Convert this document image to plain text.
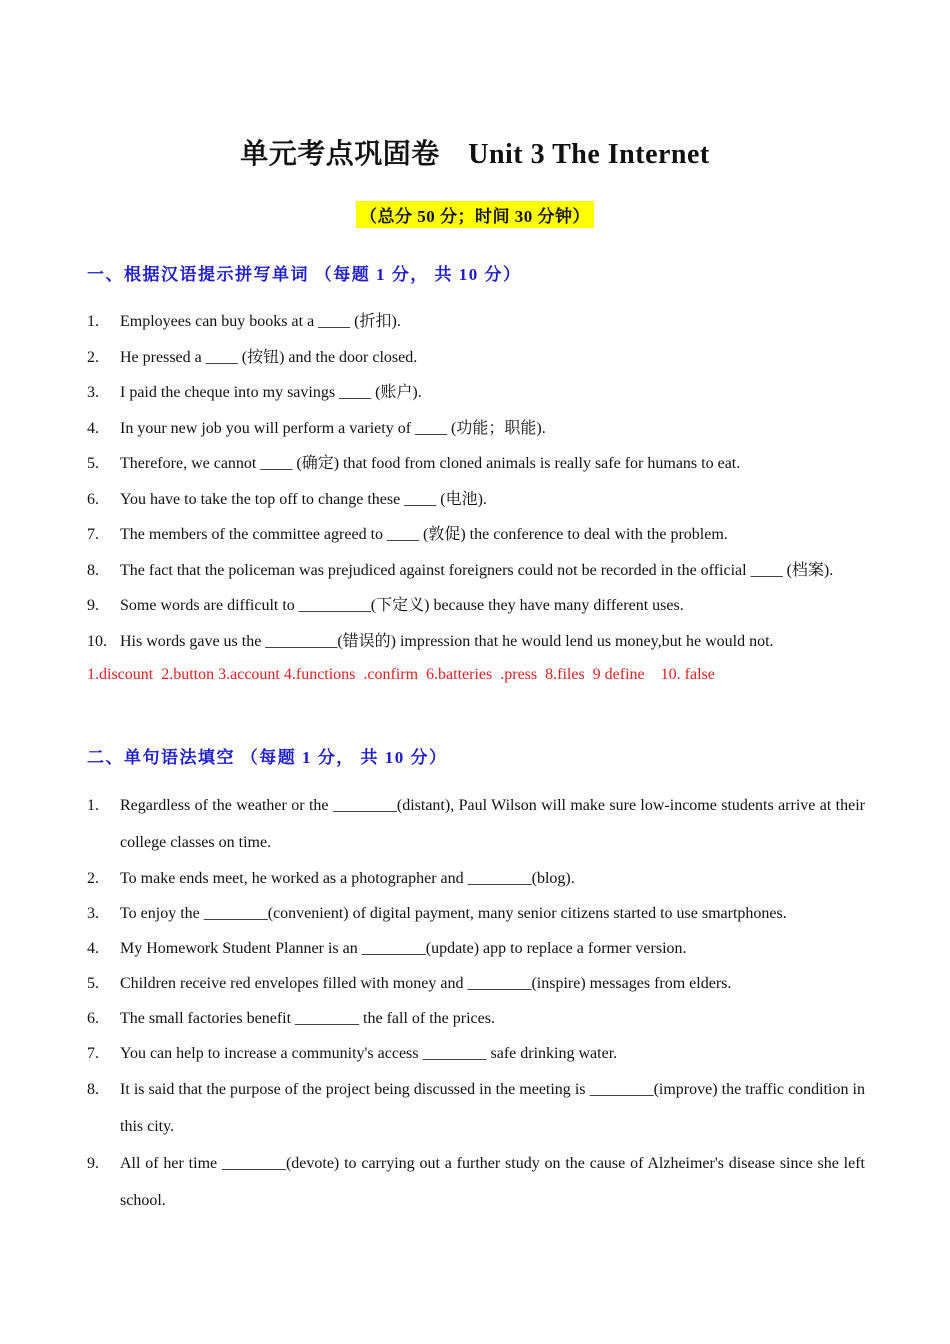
单元考点巩固卷　Unit 3 The Internet
（总分 50 分；时间 30 分钟）
一、根据汉语提示拼写单词 （每题 1 分， 共 10 分）
1. Employees can buy books at a ____ (折扣).
2. He pressed a ____ (按钮) and the door closed.
3. I paid the cheque into my savings ____ (账户).
4. In your new job you will perform a variety of ____ (功能；职能).
5. Therefore, we cannot ____ (确定) that food from cloned animals is really safe for humans to eat.
6. You have to take the top off to change these ____ (电池).
7. The members of the committee agreed to ____ (敦促) the conference to deal with the problem.
8. The fact that the policeman was prejudiced against foreigners could not be recorded in the official ____ (档案).
9. Some words are difficult to _________(下定义) because they have many different uses.
10. His words gave us the _________(错误的) impression that he would lend us money,but he would not.
1.discount  2.button 3.account 4.functions  .confirm  6.batteries  .press  8.files  9 define    10. false
二、单句语法填空 （每题 1 分， 共 10 分）
1. Regardless of the weather or the ________(distant), Paul Wilson will make sure low-income students arrive at their college classes on time.
2. To make ends meet, he worked as a photographer and ________(blog).
3. To enjoy the ________(convenient) of digital payment, many senior citizens started to use smartphones.
4. My Homework Student Planner is an ________(update) app to replace a former version.
5. Children receive red envelopes filled with money and ________(inspire) messages from elders.
6. The small factories benefit ________ the fall of the prices.
7. You can help to increase a community's access ________ safe drinking water.
8. It is said that the purpose of the project being discussed in the meeting is ________(improve) the traffic condition in this city.
9. All of her time ________(devote) to carrying out a further study on the cause of Alzheimer's disease since she left school.
